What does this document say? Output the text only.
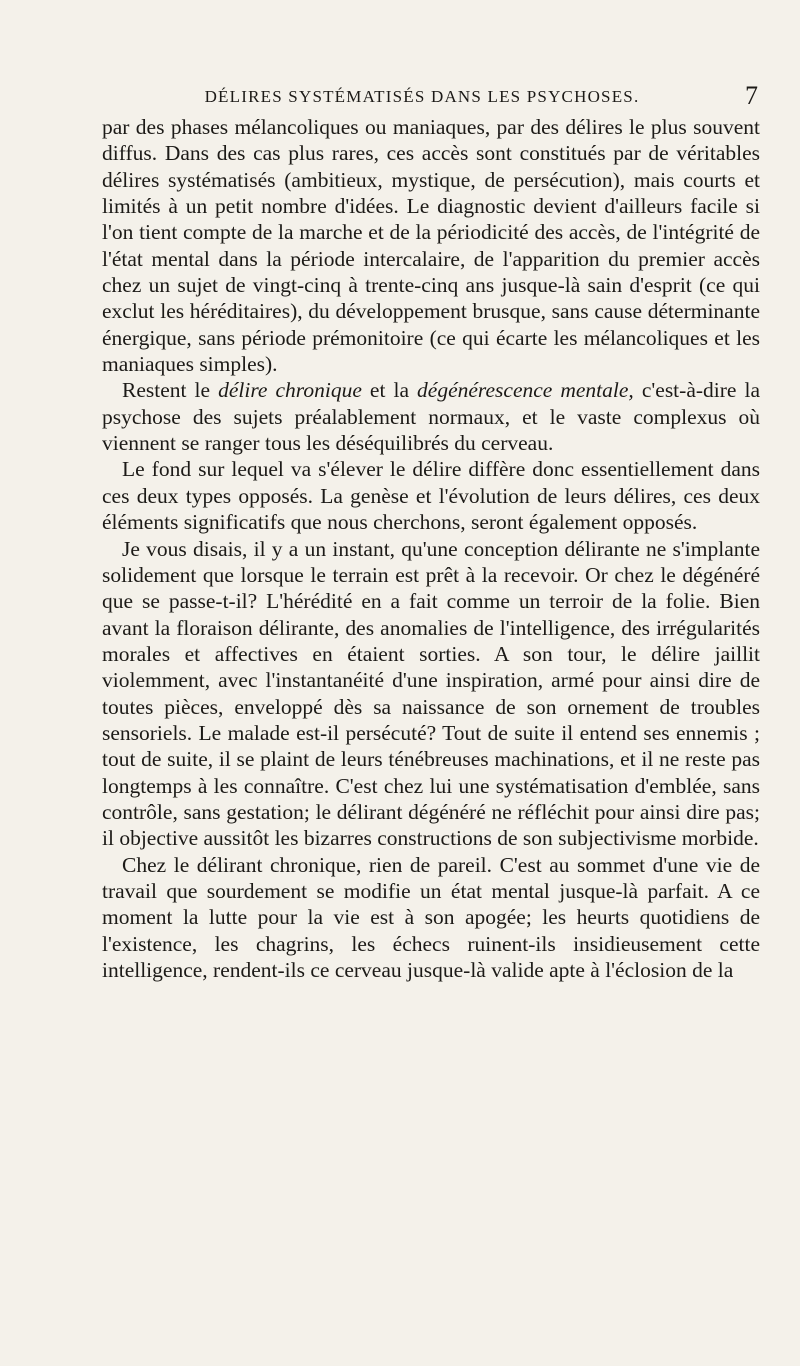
DÉLIRES SYSTÉMATISÉS DANS LES PSYCHOSES.	7

par des phases mélancoliques ou maniaques, par des délires le plus souvent diffus. Dans des cas plus rares, ces accès sont constitués par de véritables délires systématisés (ambitieux, mystique, de persécution), mais courts et limités à un petit nombre d'idées. Le diagnostic devient d'ailleurs facile si l'on tient compte de la marche et de la périodicité des accès, de l'intégrité de l'état mental dans la période intercalaire, de l'apparition du premier accès chez un sujet de vingt-cinq à trente-cinq ans jusque-là sain d'esprit (ce qui exclut les héréditaires), du développement brusque, sans cause déterminante énergique, sans période prémonitoire (ce qui écarte les mélancoliques et les maniaques simples).

Restent le délire chronique et la dégénérescence mentale, c'est-à-dire la psychose des sujets préalablement normaux, et le vaste complexus où viennent se ranger tous les déséquilibrés du cerveau.

Le fond sur lequel va s'élever le délire diffère donc essentiellement dans ces deux types opposés. La genèse et l'évolution de leurs délires, ces deux éléments significatifs que nous cherchons, seront également opposés.

Je vous disais, il y a un instant, qu'une conception délirante ne s'implante solidement que lorsque le terrain est prêt à la recevoir. Or chez le dégénéré que se passe-t-il? L'hérédité en a fait comme un terroir de la folie. Bien avant la floraison délirante, des anomalies de l'intelligence, des irrégularités morales et affectives en étaient sorties. A son tour, le délire jaillit violemment, avec l'instantanéité d'une inspiration, armé pour ainsi dire de toutes pièces, enveloppé dès sa naissance de son ornement de troubles sensoriels. Le malade est-il persécuté? Tout de suite il entend ses ennemis ; tout de suite, il se plaint de leurs ténébreuses machinations, et il ne reste pas longtemps à les connaître. C'est chez lui une systématisation d'emblée, sans contrôle, sans gestation; le délirant dégénéré ne réfléchit pour ainsi dire pas; il objective aussitôt les bizarres constructions de son subjectivisme morbide.

Chez le délirant chronique, rien de pareil. C'est au sommet d'une vie de travail que sourdement se modifie un état mental jusque-là parfait. A ce moment la lutte pour la vie est à son apogée; les heurts quotidiens de l'existence, les chagrins, les échecs ruinent-ils insidieusement cette intelligence, rendent-ils ce cerveau jusque-là valide apte à l'éclosion de la
